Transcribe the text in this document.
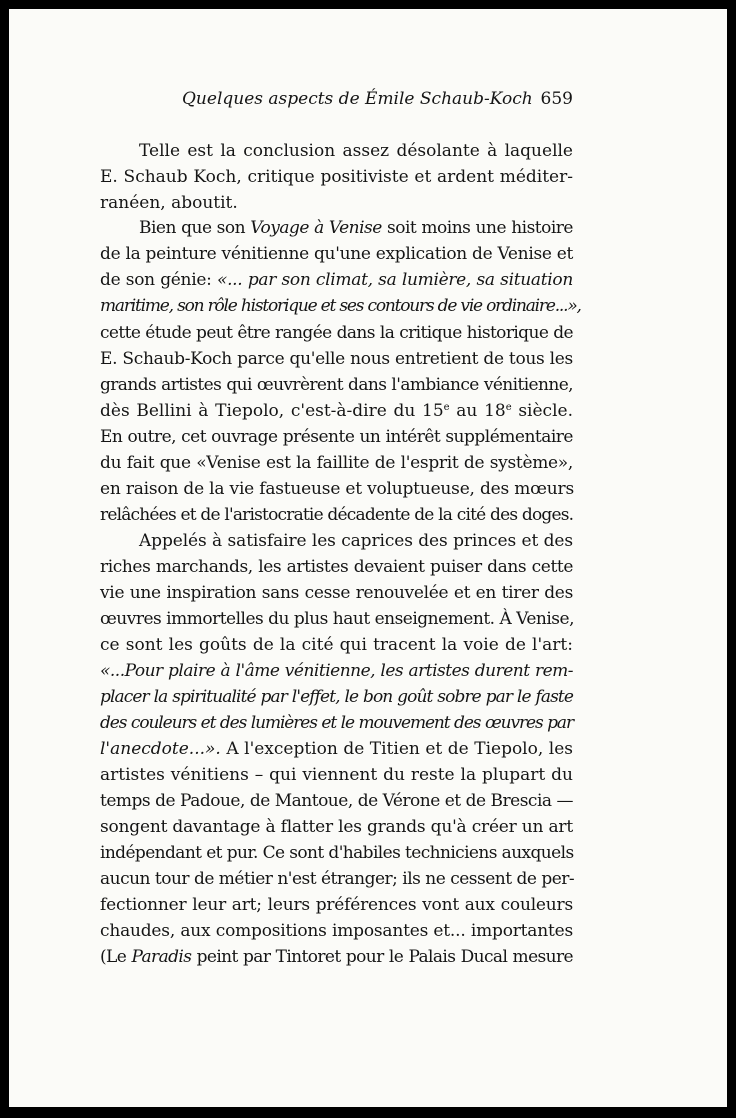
Quelques aspects de Émile Schaub-Koch 659
Telle est la conclusion assez désolante à laquelle
E. Schaub Koch, critique positiviste et ardent méditer-
ranéen, aboutit.
Bien que son Voyage à Venise soit moins une histoire
de la peinture vénitienne qu'une explication de Venise et
de son génie: «... par son climat, sa lumière, sa situation
maritime, son rôle historique et ses contours de vie ordinaire...»,
cette étude peut être rangée dans la critique historique de
E. Schaub-Koch parce qu'elle nous entretient de tous les
grands artistes qui œuvrèrent dans l'ambiance vénitienne,
dès Bellini à Tiepolo, c'est-à-dire du 15e au 18e siècle.
En outre, cet ouvrage présente un intérêt supplémentaire
du fait que «Venise est la faillite de l'esprit de système»,
en raison de la vie fastueuse et voluptueuse, des mœurs
relâchées et de l'aristocratie décadente de la cité des doges.
Appelés à satisfaire les caprices des princes et des
riches marchands, les artistes devaient puiser dans cette
vie une inspiration sans cesse renouvelée et en tirer des
œuvres immortelles du plus haut enseignement. À Venise,
ce sont les goûts de la cité qui tracent la voie de l'art:
«...Pour plaire à l'âme vénitienne, les artistes durent rem-
placer la spiritualité par l'effet, le bon goût sobre par le faste
des couleurs et des lumières et le mouvement des œuvres par
l'anecdote...». A l'exception de Titien et de Tiepolo, les
artistes vénitiens – qui viennent du reste la plupart du
temps de Padoue, de Mantoue, de Vérone et de Brescia —
songent davantage à flatter les grands qu'à créer un art
indépendant et pur. Ce sont d'habiles techniciens auxquels
aucun tour de métier n'est étranger; ils ne cessent de per-
fectionner leur art; leurs préférences vont aux couleurs
chaudes, aux compositions imposantes et... importantes
(Le Paradis peint par Tintoret pour le Palais Ducal mesure
